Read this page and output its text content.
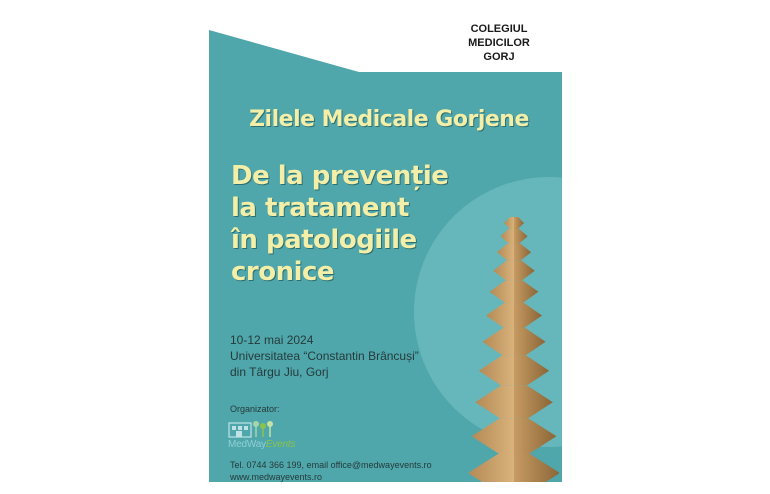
COLEGIUL
MEDICILOR
GORJ
Zilele Medicale Gorjene
De la prevenție
la tratament
în patologiile
cronice
10-12 mai 2024
Universitatea “Constantin Brâncuși”
din Târgu Jiu, Gorj
Organizator:
MedWayEvents
Tel. 0744 366 199, email office@medwayevents.ro
www.medwayevents.ro
